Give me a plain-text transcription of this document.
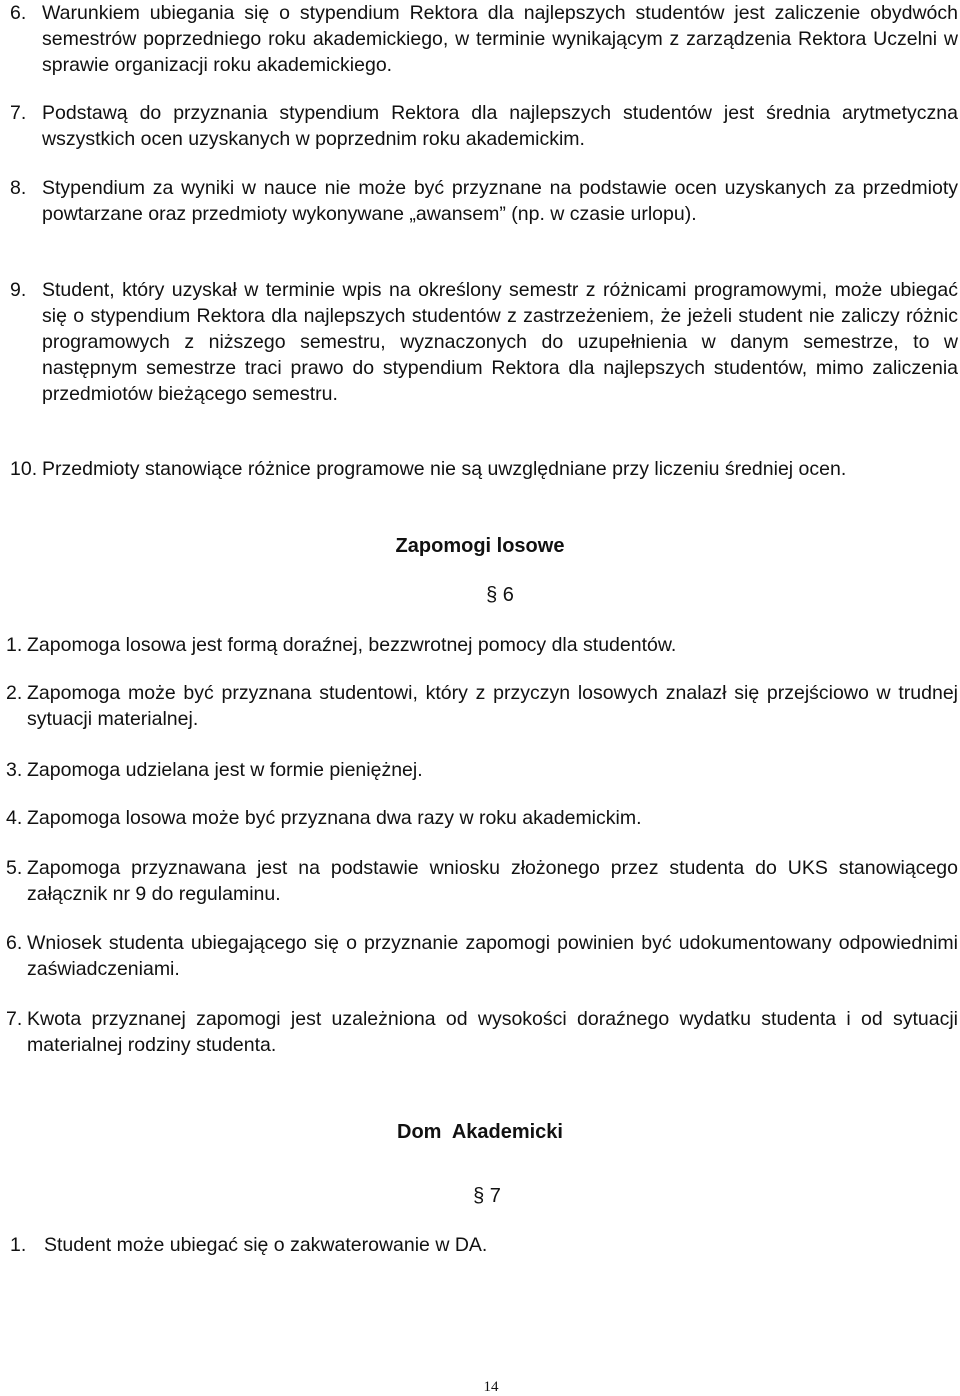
6. Warunkiem ubiegania się o stypendium Rektora dla najlepszych studentów jest zaliczenie obydwóch semestrów poprzedniego roku akademickiego, w terminie wynikającym z zarządzenia Rektora Uczelni w sprawie organizacji roku akademickiego.
7. Podstawą do przyznania stypendium Rektora dla najlepszych studentów jest średnia arytmetyczna wszystkich ocen uzyskanych w poprzednim roku akademickim.
8. Stypendium za wyniki w nauce nie może być przyznane na podstawie ocen uzyskanych za przedmioty powtarzane oraz przedmioty wykonywane „awansem” (np. w czasie urlopu).
9. Student, który uzyskał w terminie wpis na określony semestr z różnicami programowymi, może ubiegać się o stypendium Rektora dla najlepszych studentów z zastrzeżeniem, że jeżeli student nie zaliczy różnic programowych z niższego semestru, wyznaczonych do uzupełnienia w danym semestrze, to w następnym semestrze traci prawo do stypendium Rektora dla najlepszych studentów, mimo zaliczenia przedmiotów bieżącego semestru.
10. Przedmioty stanowiące różnice programowe nie są uwzględniane przy liczeniu średniej ocen.
Zapomogi losowe
§ 6
1. Zapomoga losowa jest formą doraźnej, bezzwrotnej pomocy dla studentów.
2. Zapomoga może być przyznana studentowi, który z przyczyn losowych znalazł się przejściowo w trudnej sytuacji materialnej.
3. Zapomoga udzielana jest w formie pieniężnej.
4. Zapomoga losowa może być przyznana dwa razy w roku akademickim.
5. Zapomoga przyznawana jest na podstawie wniosku złożonego przez studenta do UKS stanowiącego załącznik nr 9 do regulaminu.
6. Wniosek studenta ubiegającego się o przyznanie zapomogi powinien być udokumentowany odpowiednimi zaświadczeniami.
7. Kwota przyznanej zapomogi jest uzależniona od wysokości doraźnego wydatku studenta i od sytuacji materialnej rodziny studenta.
Dom  Akademicki
§ 7
1. Student może ubiegać się o zakwaterowanie w DA.
14
